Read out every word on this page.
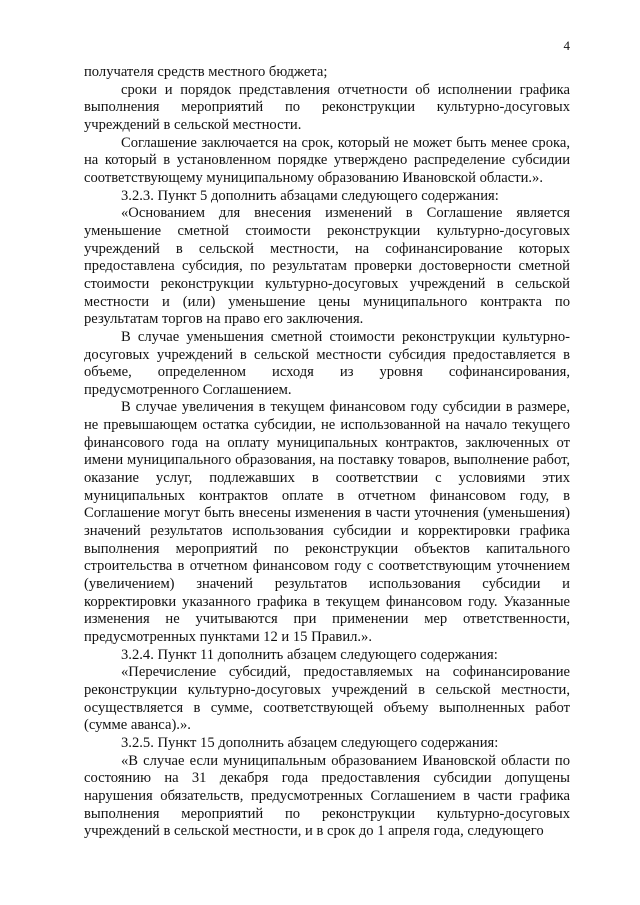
4

получателя средств местного бюджета;

сроки и порядок представления отчетности об исполнении графика выполнения мероприятий по реконструкции культурно-досуговых учреждений в сельской местности.

Соглашение заключается на срок, который не может быть менее срока, на который в установленном порядке утверждено распределение субсидии соответствующему муниципальному образованию Ивановской области.».

3.2.3. Пункт 5 дополнить абзацами следующего содержания:

«Основанием для внесения изменений в Соглашение является уменьшение сметной стоимости реконструкции культурно-досуговых учреждений в сельской местности, на софинансирование которых предоставлена субсидия, по результатам проверки достоверности сметной стоимости реконструкции культурно-досуговых учреждений в сельской местности и (или) уменьшение цены муниципального контракта по результатам торгов на право его заключения.

В случае уменьшения сметной стоимости реконструкции культурно-досуговых учреждений в сельской местности субсидия предоставляется в объеме, определенном исходя из уровня софинансирования, предусмотренного Соглашением.

В случае увеличения в текущем финансовом году субсидии в размере, не превышающем остатка субсидии, не использованной на начало текущего финансового года на оплату муниципальных контрактов, заключенных от имени муниципального образования, на поставку товаров, выполнение работ, оказание услуг, подлежавших в соответствии с условиями этих муниципальных контрактов оплате в отчетном финансовом году, в Соглашение могут быть внесены изменения в части уточнения (уменьшения) значений результатов использования субсидии и корректировки графика выполнения мероприятий по реконструкции объектов капитального строительства в отчетном финансовом году с соответствующим уточнением (увеличением) значений результатов использования субсидии и корректировки указанного графика в текущем финансовом году. Указанные изменения не учитываются при применении мер ответственности, предусмотренных пунктами 12 и 15 Правил.».

3.2.4. Пункт 11 дополнить абзацем следующего содержания:

«Перечисление субсидий, предоставляемых на софинансирование реконструкции культурно-досуговых учреждений в сельской местности, осуществляется в сумме, соответствующей объему выполненных работ (сумме аванса).».

3.2.5. Пункт 15 дополнить абзацем следующего содержания:

«В случае если муниципальным образованием Ивановской области по состоянию на 31 декабря года предоставления субсидии допущены нарушения обязательств, предусмотренных Соглашением в части графика выполнения мероприятий по реконструкции культурно-досуговых учреждений в сельской местности, и в срок до 1 апреля года, следующего
